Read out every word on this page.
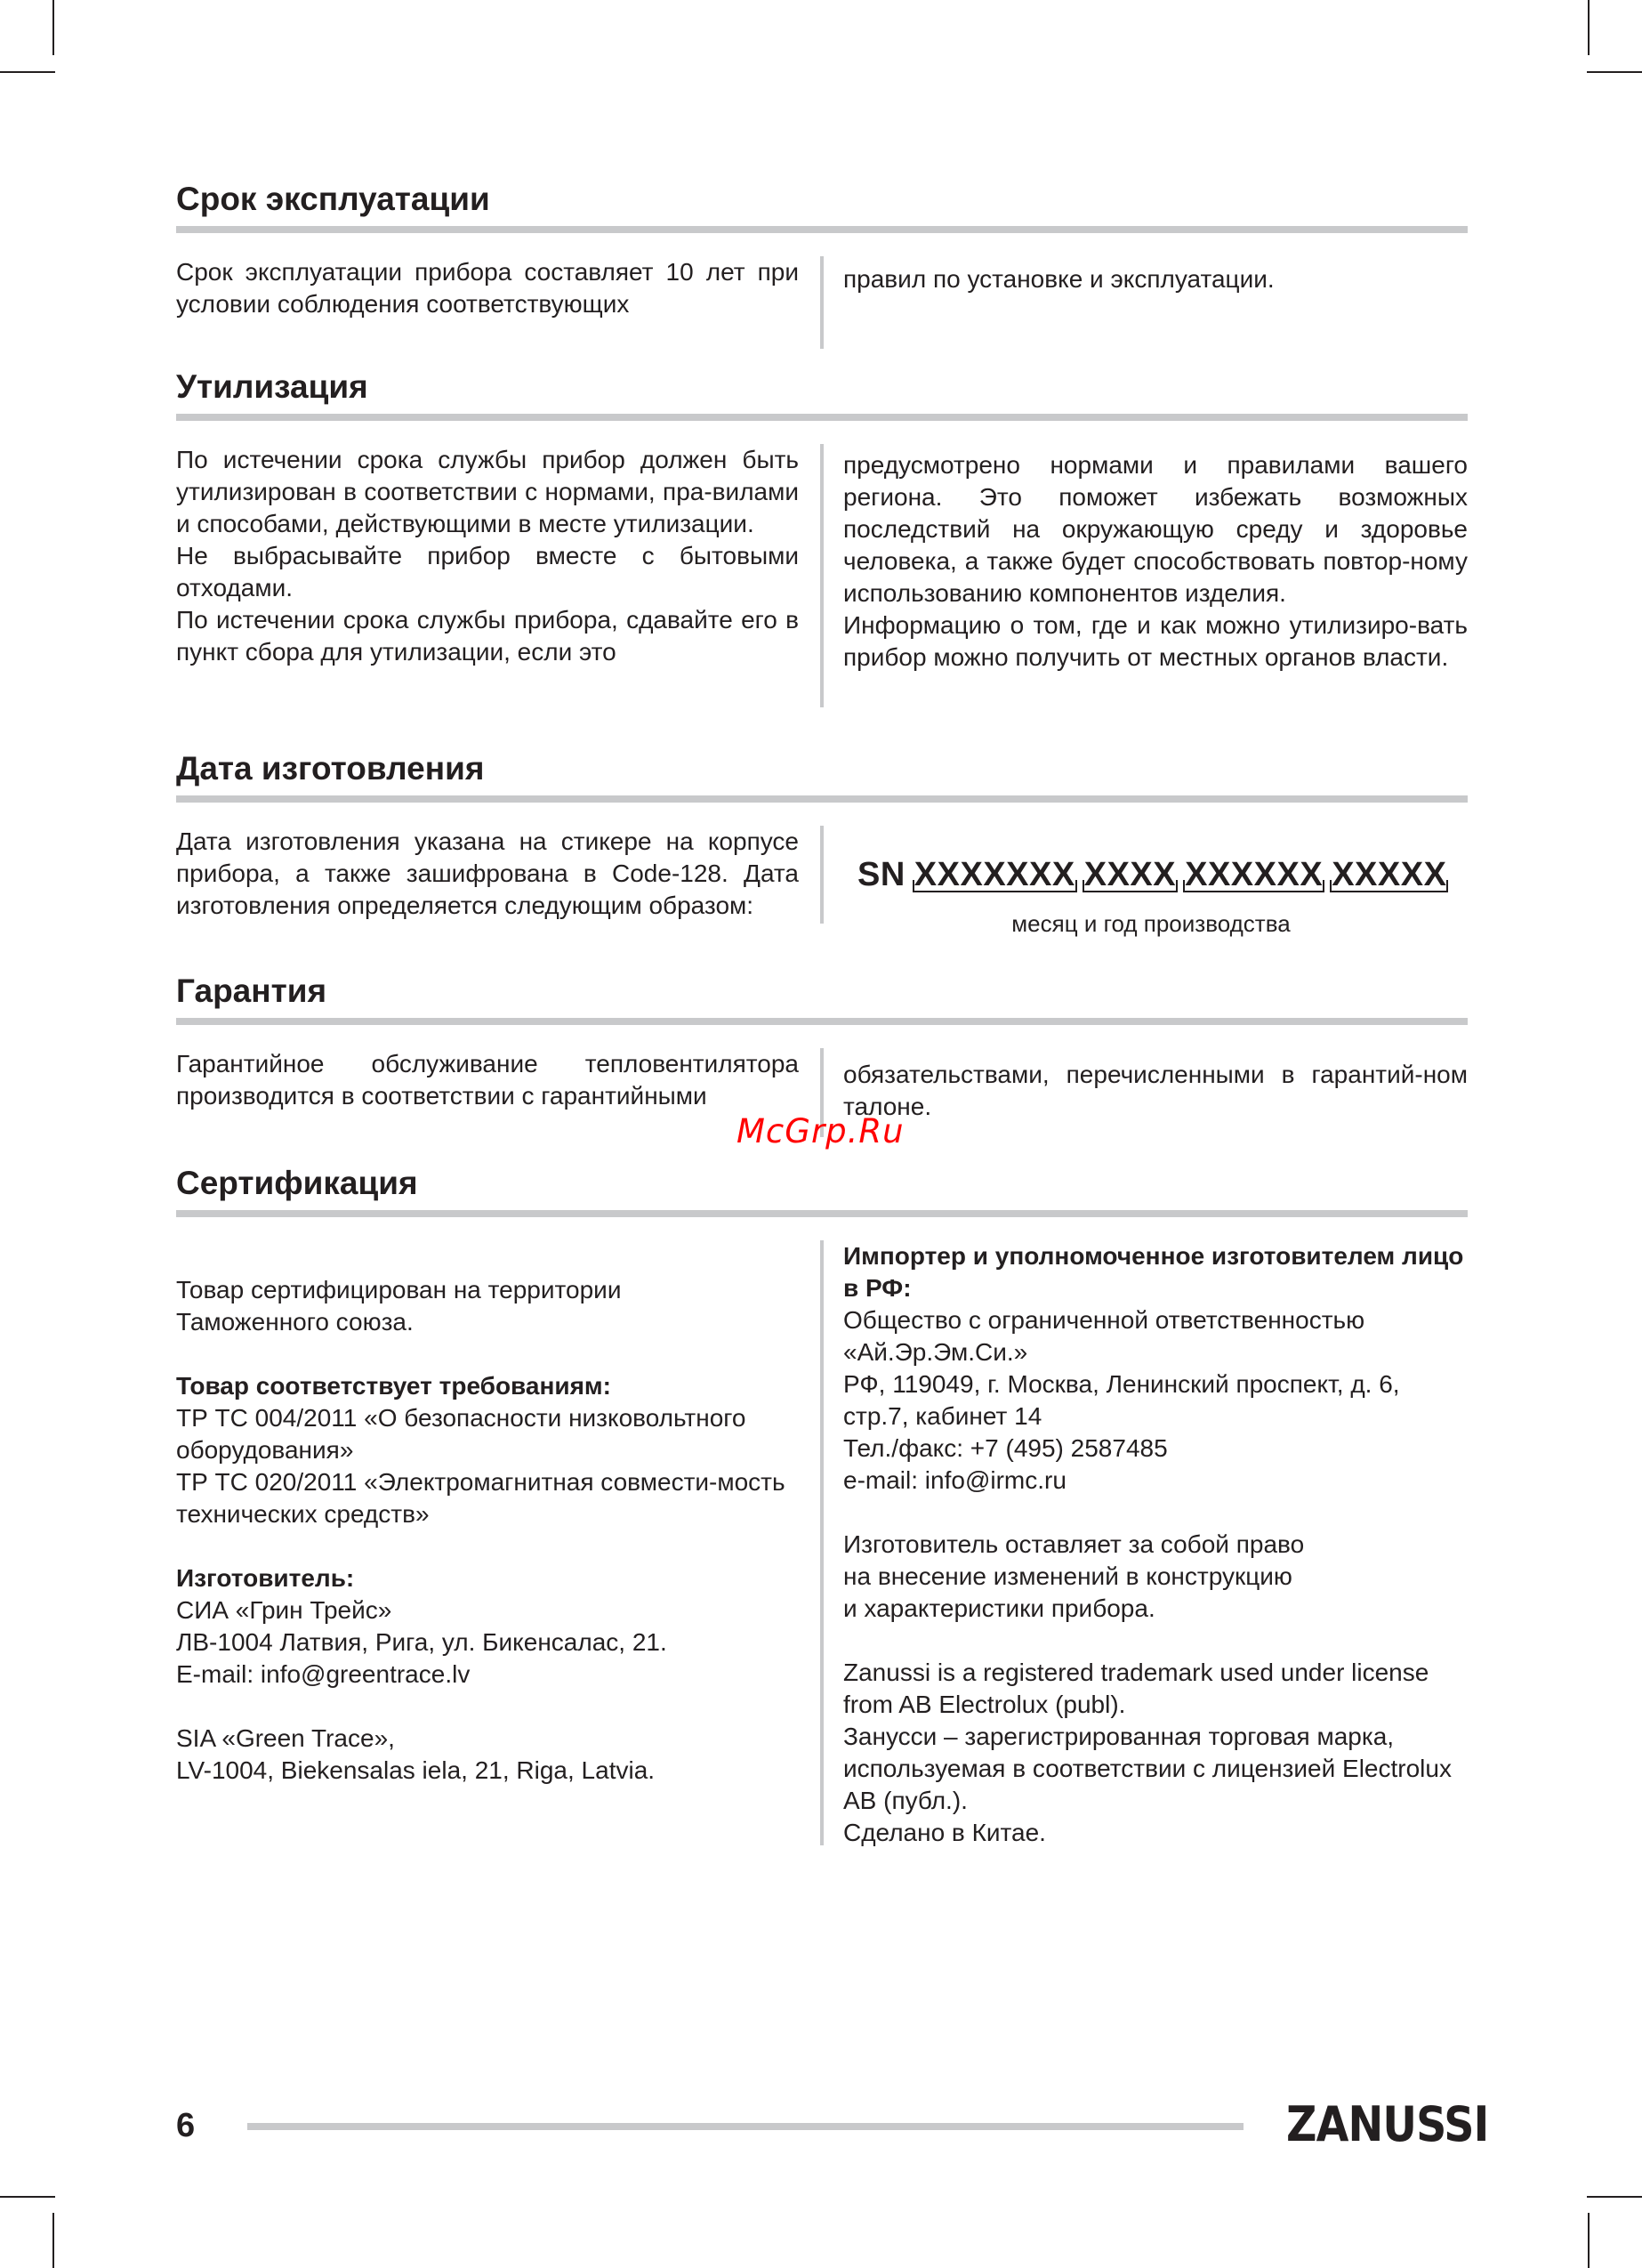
Срок эксплуатации

Срок эксплуатации прибора составляет 10 лет при условии соблюдения соответствующих

правил по установке и эксплуатации.

Утилизация

По истечении срока службы прибор должен быть утилизирован в соответствии с нормами, пра-вилами и способами, действующими в месте утилизации.

Не выбрасывайте прибор вместе с бытовыми отходами.

По истечении срока службы прибора, сдавайте его в пункт сбора для утилизации, если это

предусмотрено нормами и правилами вашего региона. Это поможет избежать возможных последствий на окружающую среду и здоровье человека, а также будет способствовать повтор-ному использованию компонентов изделия.

Информацию о том, где и как можно утилизиро-вать прибор можно получить от местных органов власти.

Дата изготовления

Дата изготовления указана на стикере на корпусе прибора, а также зашифрована в Code-128. Дата изготовления определяется следующим образом:

SN XXXXXXX XXXX XXXXXX XXXXX
месяц и год производства
Гарантия

Гарантийное обслуживание тепловентилятора производится в соответствии с гарантийными

обязательствами, перечисленными в гарантий-ном талоне.

McGrp.Ru
Сертификация

Товар сертифицирован на территории

Таможенного союза.

Товар соответствует требованиям:

ТР ТС 004/2011 «О безопасности низковольтного оборудования»

ТР ТС 020/2011 «Электромагнитная совмести-мость технических средств»

Изготовитель:

СИА «Грин Трейс»

ЛВ-1004 Латвия, Рига, ул. Бикенсалас, 21.

E-mail: info@greentrace.lv

SIA «Green Trace»,

LV-1004, Biekensalas iela, 21, Riga, Latvia.

Импортер и уполномоченное изготовителем лицо в РФ:

Общество с ограниченной ответственностью «Ай.Эр.Эм.Си.»

РФ, 119049, г. Москва, Ленинский проспект, д. 6, стр.7, кабинет 14

Тел./факс: +7 (495) 2587485

e-mail: info@irmc.ru

Изготовитель оставляет за собой право

на внесение изменений в конструкцию

и характеристики прибора.

Zanussi is a registered trademark used under license from AB Electrolux (publ).

Занусси – зарегистрированная торговая марка, используемая в соответствии с лицензией Electrolux AB (публ.).

Сделано в Китае.

6	ZANUSSI
